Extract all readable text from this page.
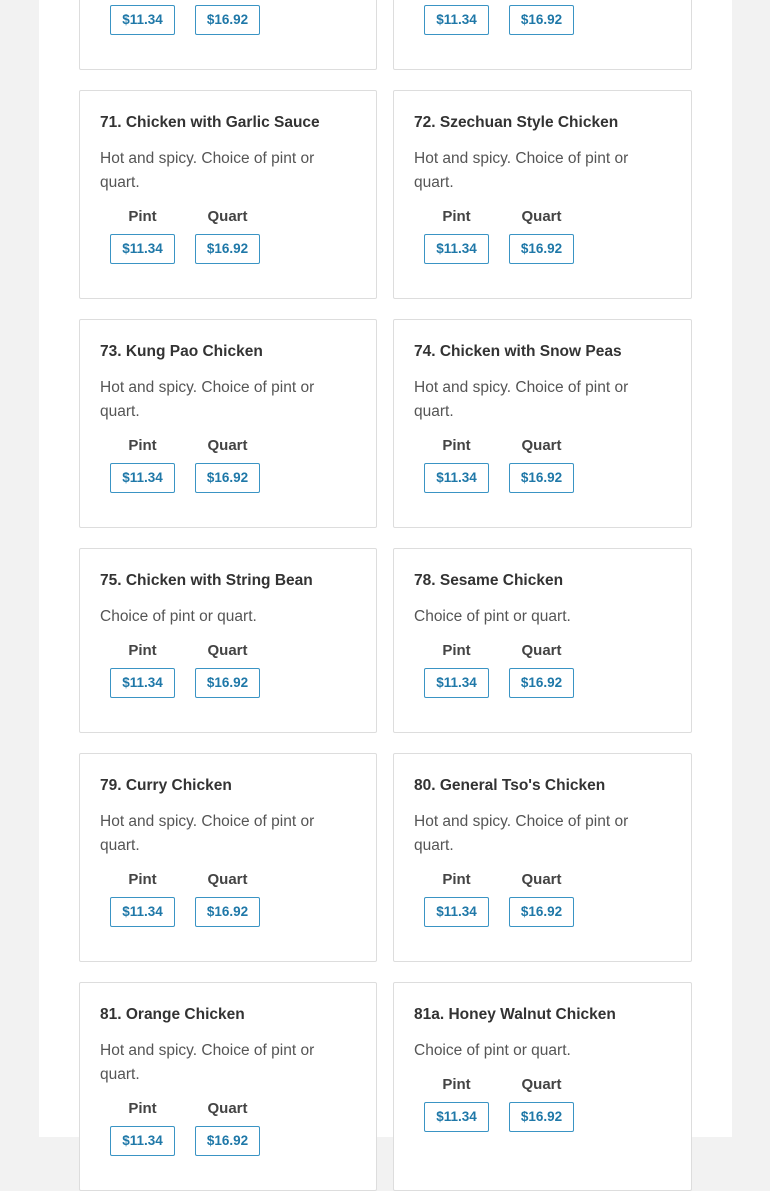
$11.34	$16.92	$11.34	$16.92
71. Chicken with Garlic Sauce
Hot and spicy. Choice of pint or quart.
Pint
$11.34
Quart
$16.92
72. Szechuan Style Chicken
Hot and spicy. Choice of pint or quart.
Pint
$11.34
Quart
$16.92
73. Kung Pao Chicken
Hot and spicy. Choice of pint or quart.
Pint
$11.34
Quart
$16.92
74. Chicken with Snow Peas
Hot and spicy. Choice of pint or quart.
Pint
$11.34
Quart
$16.92
75. Chicken with String Bean
Choice of pint or quart.
Pint
$11.34
Quart
$16.92
78. Sesame Chicken
Choice of pint or quart.
Pint
$11.34
Quart
$16.92
79. Curry Chicken
Hot and spicy. Choice of pint or quart.
Pint
$11.34
Quart
$16.92
80. General Tso's Chicken
Hot and spicy. Choice of pint or quart.
Pint
$11.34
Quart
$16.92
81. Orange Chicken
Hot and spicy. Choice of pint or quart.
Pint
$11.34
Quart
$16.92
81a. Honey Walnut Chicken
Choice of pint or quart.
Pint
$11.34
Quart
$16.92
